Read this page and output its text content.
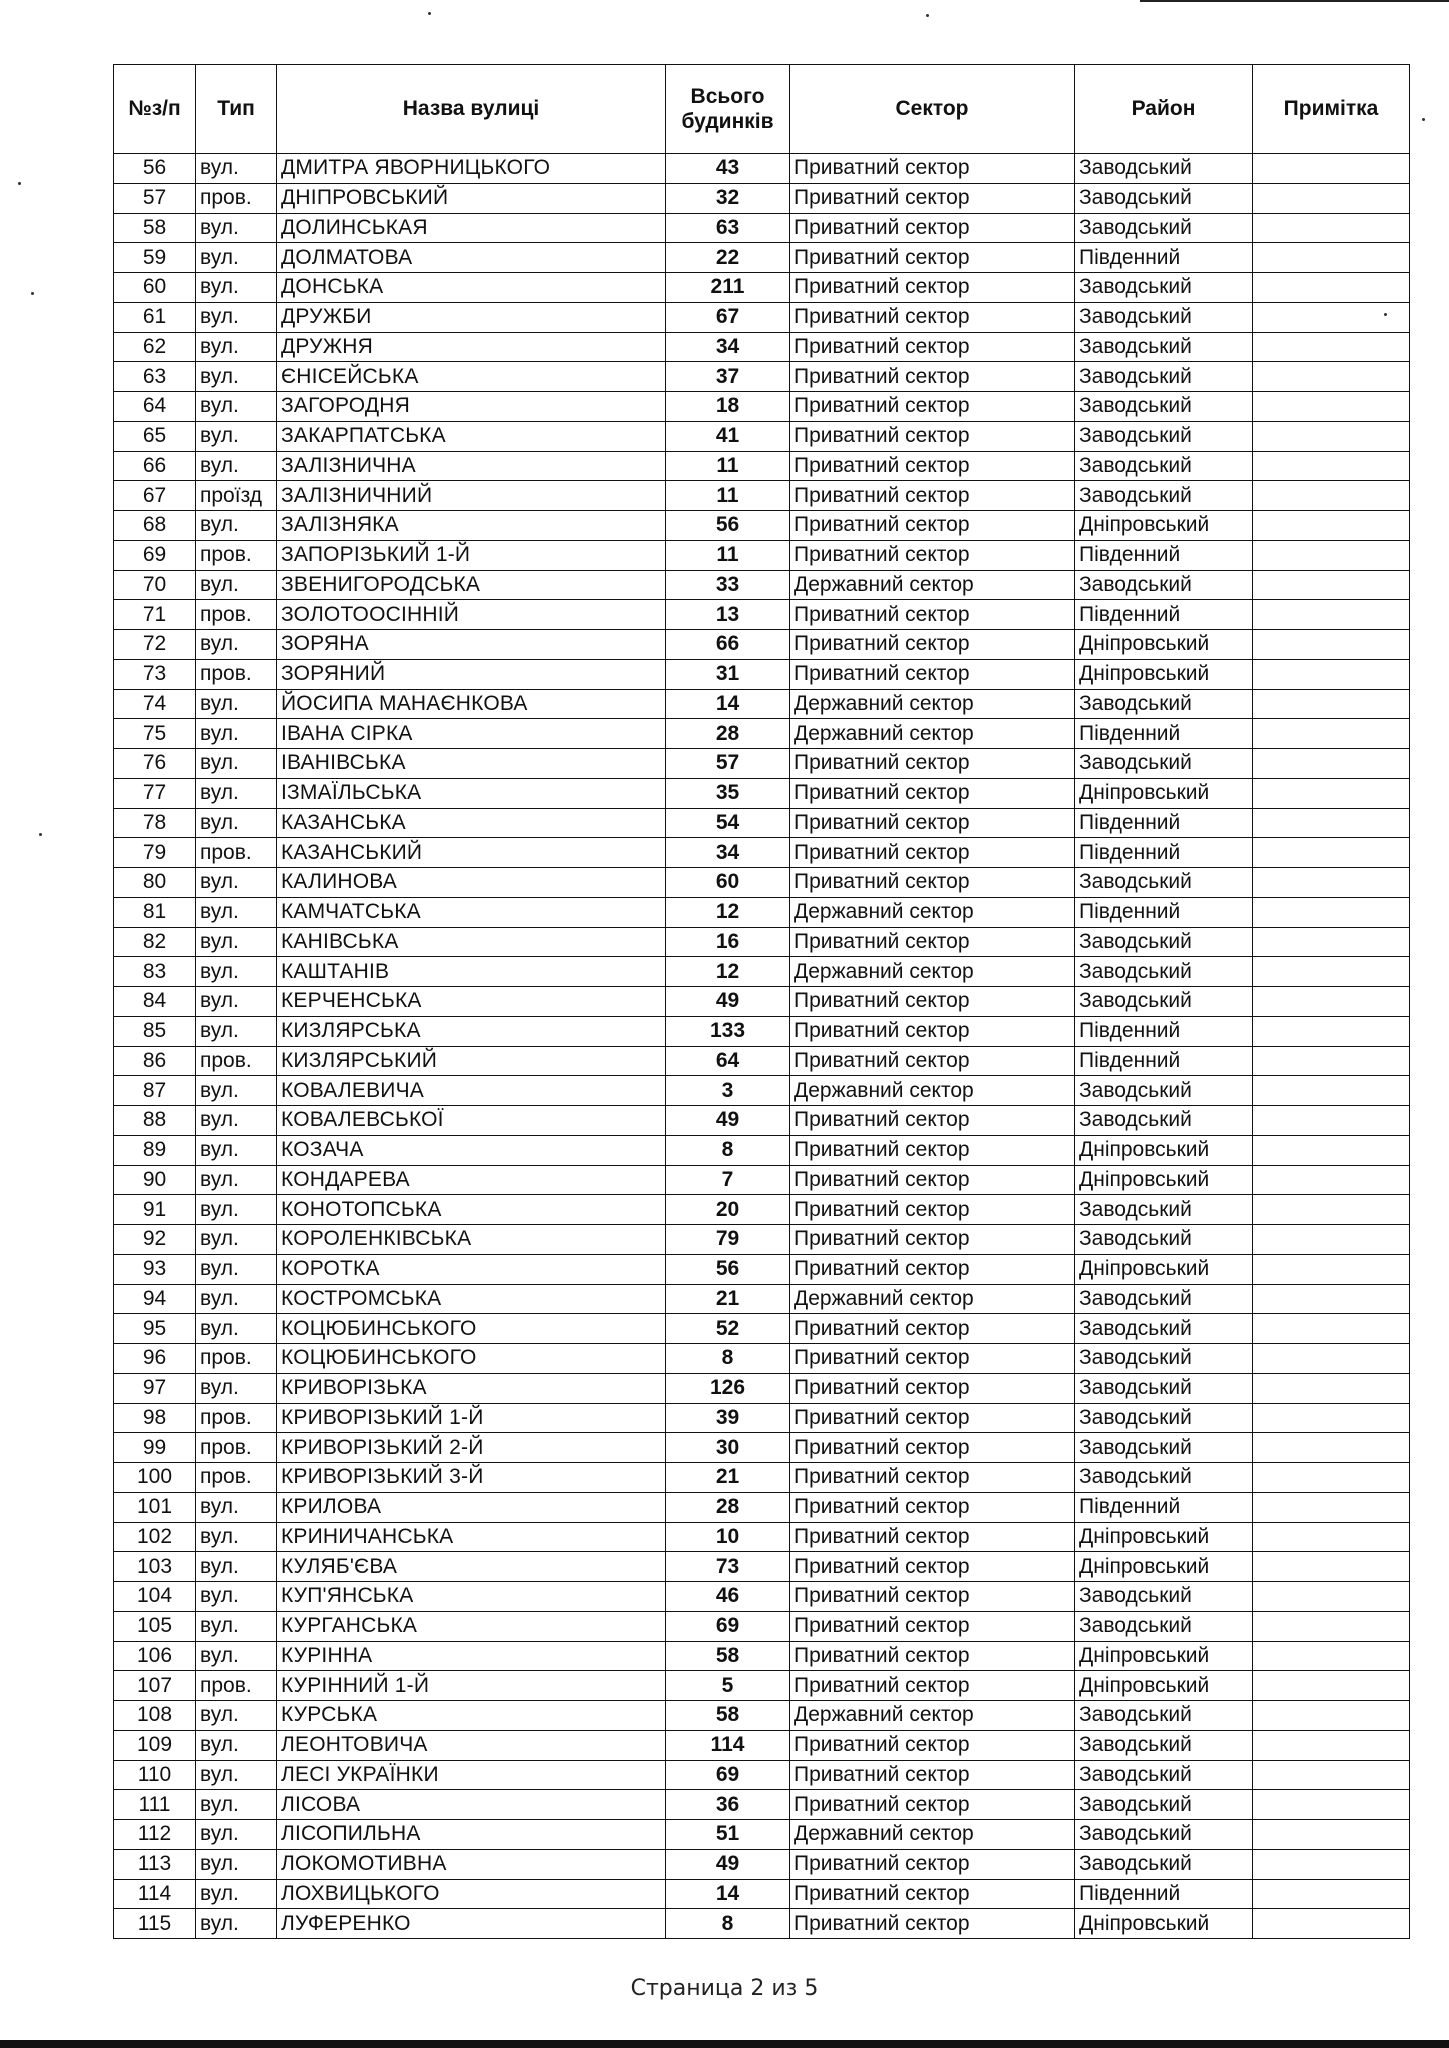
№з/п	Тип	Назва вулиці	Всього будинків	Сектор	Район	Примітка
56	вул.	ДМИТРА ЯВОРНИЦЬКОГО	43	Приватний сектор	Заводський	
57	пров.	ДНІПРОВСЬКИЙ	32	Приватний сектор	Заводський	
58	вул.	ДОЛИНСЬКАЯ	63	Приватний сектор	Заводський	
59	вул.	ДОЛМАТОВА	22	Приватний сектор	Південний	
60	вул.	ДОНСЬКА	211	Приватний сектор	Заводський	
61	вул.	ДРУЖБИ	67	Приватний сектор	Заводський	
62	вул.	ДРУЖНЯ	34	Приватний сектор	Заводський	
63	вул.	ЄНІСЕЙСЬКА	37	Приватний сектор	Заводський	
64	вул.	ЗАГОРОДНЯ	18	Приватний сектор	Заводський	
65	вул.	ЗАКАРПАТСЬКА	41	Приватний сектор	Заводський	
66	вул.	ЗАЛІЗНИЧНА	11	Приватний сектор	Заводський	
67	проїзд	ЗАЛІЗНИЧНИЙ	11	Приватний сектор	Заводський	
68	вул.	ЗАЛІЗНЯКА	56	Приватний сектор	Дніпровський	
69	пров.	ЗАПОРІЗЬКИЙ 1-Й	11	Приватний сектор	Південний	
70	вул.	ЗВЕНИГОРОДСЬКА	33	Державний сектор	Заводський	
71	пров.	ЗОЛОТООСІННІЙ	13	Приватний сектор	Південний	
72	вул.	ЗОРЯНА	66	Приватний сектор	Дніпровський	
73	пров.	ЗОРЯНИЙ	31	Приватний сектор	Дніпровський	
74	вул.	ЙОСИПА МАНАЄНКОВА	14	Державний сектор	Заводський	
75	вул.	ІВАНА СІРКА	28	Державний сектор	Південний	
76	вул.	ІВАНІВСЬКА	57	Приватний сектор	Заводський	
77	вул.	ІЗМАЇЛЬСЬКА	35	Приватний сектор	Дніпровський	
78	вул.	КАЗАНСЬКА	54	Приватний сектор	Південний	
79	пров.	КАЗАНСЬКИЙ	34	Приватний сектор	Південний	
80	вул.	КАЛИНОВА	60	Приватний сектор	Заводський	
81	вул.	КАМЧАТСЬКА	12	Державний сектор	Південний	
82	вул.	КАНІВСЬКА	16	Приватний сектор	Заводський	
83	вул.	КАШТАНІВ	12	Державний сектор	Заводський	
84	вул.	КЕРЧЕНСЬКА	49	Приватний сектор	Заводський	
85	вул.	КИЗЛЯРСЬКА	133	Приватний сектор	Південний	
86	пров.	КИЗЛЯРСЬКИЙ	64	Приватний сектор	Південний	
87	вул.	КОВАЛЕВИЧА	3	Державний сектор	Заводський	
88	вул.	КОВАЛЕВСЬКОЇ	49	Приватний сектор	Заводський	
89	вул.	КОЗАЧА	8	Приватний сектор	Дніпровський	
90	вул.	КОНДАРЕВА	7	Приватний сектор	Дніпровський	
91	вул.	КОНОТОПСЬКА	20	Приватний сектор	Заводський	
92	вул.	КОРОЛЕНКІВСЬКА	79	Приватний сектор	Заводський	
93	вул.	КОРОТКА	56	Приватний сектор	Дніпровський	
94	вул.	КОСТРОМСЬКА	21	Державний сектор	Заводський	
95	вул.	КОЦЮБИНСЬКОГО	52	Приватний сектор	Заводський	
96	пров.	КОЦЮБИНСЬКОГО	8	Приватний сектор	Заводський	
97	вул.	КРИВОРІЗЬКА	126	Приватний сектор	Заводський	
98	пров.	КРИВОРІЗЬКИЙ 1-Й	39	Приватний сектор	Заводський	
99	пров.	КРИВОРІЗЬКИЙ 2-Й	30	Приватний сектор	Заводський	
100	пров.	КРИВОРІЗЬКИЙ 3-Й	21	Приватний сектор	Заводський	
101	вул.	КРИЛОВА	28	Приватний сектор	Південний	
102	вул.	КРИНИЧАНСЬКА	10	Приватний сектор	Дніпровський	
103	вул.	КУЛЯБ'ЄВА	73	Приватний сектор	Дніпровський	
104	вул.	КУП'ЯНСЬКА	46	Приватний сектор	Заводський	
105	вул.	КУРГАНСЬКА	69	Приватний сектор	Заводський	
106	вул.	КУРІННА	58	Приватний сектор	Дніпровський	
107	пров.	КУРІННИЙ 1-Й	5	Приватний сектор	Дніпровський	
108	вул.	КУРСЬКА	58	Державний сектор	Заводський	
109	вул.	ЛЕОНТОВИЧА	114	Приватний сектор	Заводський	
110	вул.	ЛЕСІ УКРАЇНКИ	69	Приватний сектор	Заводський	
111	вул.	ЛІСОВА	36	Приватний сектор	Заводський	
112	вул.	ЛІСОПИЛЬНА	51	Державний сектор	Заводський	
113	вул.	ЛОКОМОТИВНА	49	Приватний сектор	Заводський	
114	вул.	ЛОХВИЦЬКОГО	14	Приватний сектор	Південний	
115	вул.	ЛУФЕРЕНКО	8	Приватний сектор	Дніпровський	
Страница 2 из 5
